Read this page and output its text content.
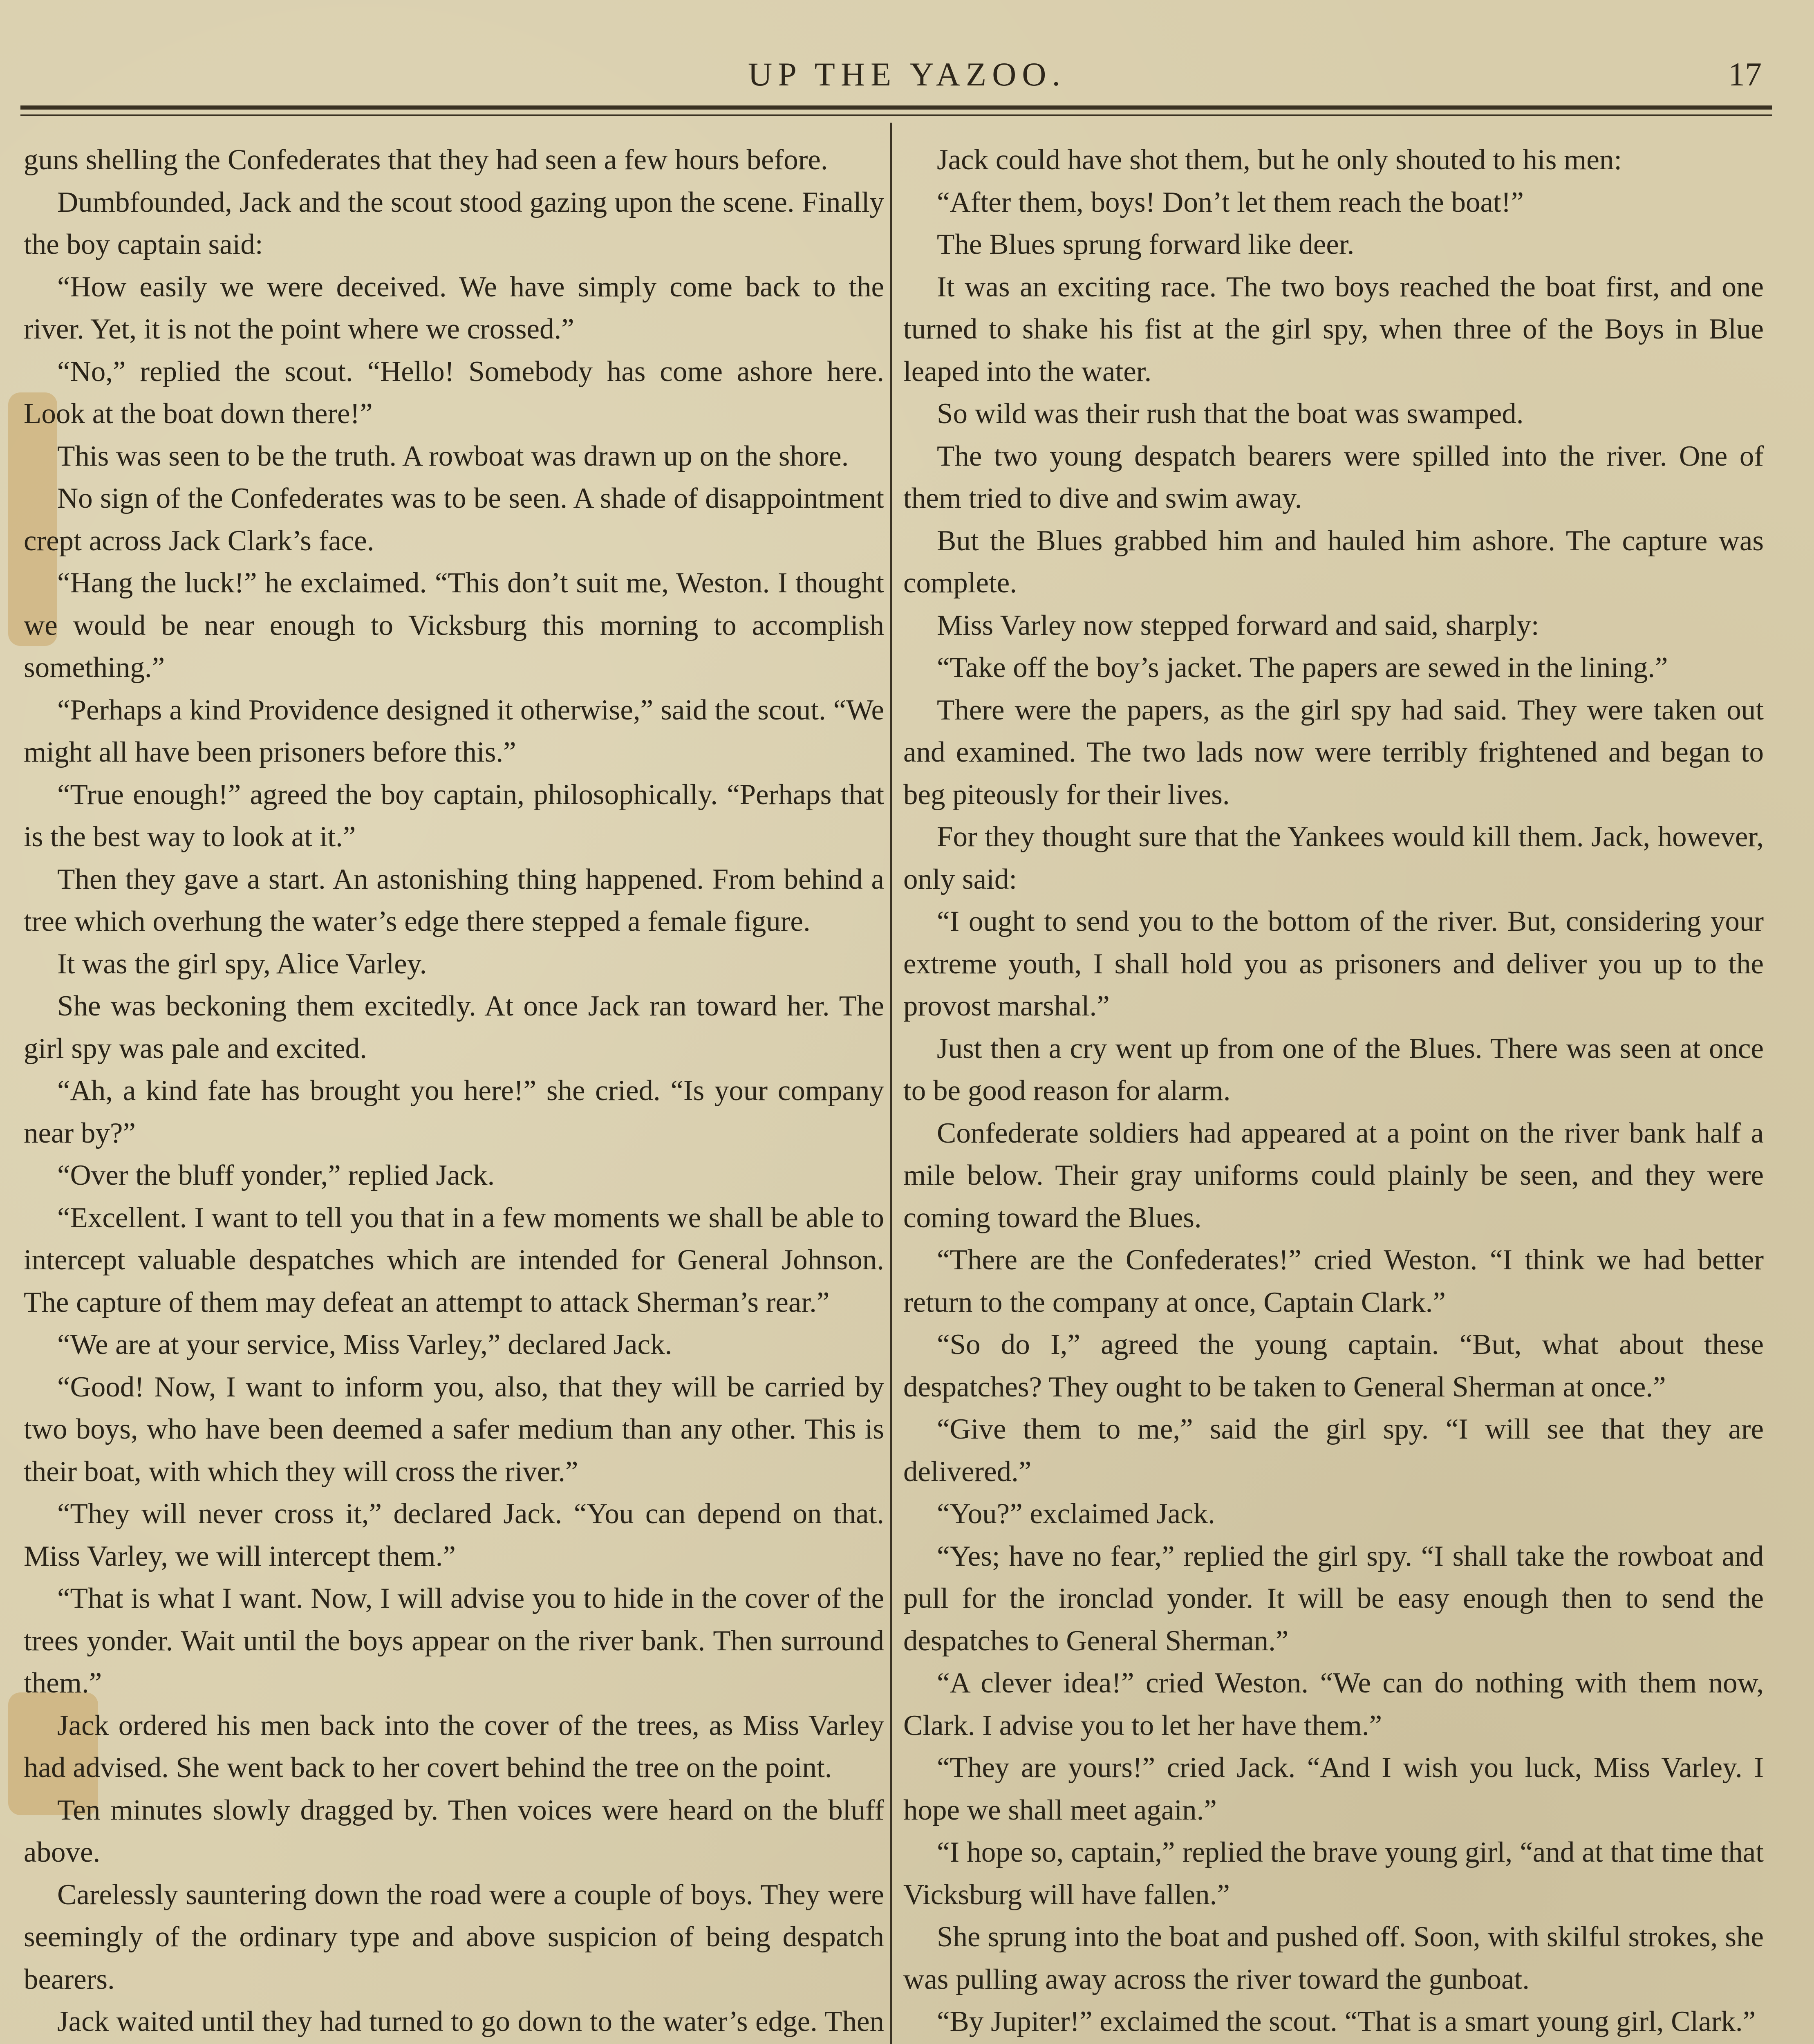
UP THE YAZOO.	17

guns shelling the Confederates that they had seen a few hours before.

Dumbfounded, Jack and the scout stood gazing upon the scene. Finally the boy captain said:

“How easily we were deceived. We have simply come back to the river. Yet, it is not the point where we crossed.”

“No,” replied the scout. “Hello! Somebody has come ashore here. Look at the boat down there!”

This was seen to be the truth. A rowboat was drawn up on the shore.

No sign of the Confederates was to be seen. A shade of disappointment crept across Jack Clark’s face.

“Hang the luck!” he exclaimed. “This don’t suit me, Weston. I thought we would be near enough to Vicksburg this morning to accomplish something.”

“Perhaps a kind Providence designed it otherwise,” said the scout. “We might all have been prisoners before this.”

“True enough!” agreed the boy captain, philosophically. “Perhaps that is the best way to look at it.”

Then they gave a start. An astonishing thing happened. From behind a tree which overhung the water’s edge there stepped a female figure.

It was the girl spy, Alice Varley.

She was beckoning them excitedly. At once Jack ran toward her. The girl spy was pale and excited.

“Ah, a kind fate has brought you here!” she cried. “Is your company near by?”

“Over the bluff yonder,” replied Jack.

“Excellent. I want to tell you that in a few moments we shall be able to intercept valuable despatches which are intended for General Johnson. The capture of them may defeat an attempt to attack Sherman’s rear.”

“We are at your service, Miss Varley,” declared Jack.

“Good! Now, I want to inform you, also, that they will be carried by two boys, who have been deemed a safer medium than any other. This is their boat, with which they will cross the river.”

“They will never cross it,” declared Jack. “You can depend on that. Miss Varley, we will intercept them.”

“That is what I want. Now, I will advise you to hide in the cover of the trees yonder. Wait until the boys appear on the river bank. Then surround them.”

Jack ordered his men back into the cover of the trees, as Miss Varley had advised. She went back to her covert behind the tree on the point.

Ten minutes slowly dragged by. Then voices were heard on the bluff above.

Carelessly sauntering down the road were a couple of boys. They were seemingly of the ordinary type and above suspicion of being despatch bearers.

Jack waited until they had turned to go down to the water’s edge. Then

Jack could have shot them, but he only shouted to his men:

“After them, boys! Don’t let them reach the boat!”

The Blues sprung forward like deer.

It was an exciting race. The two boys reached the boat first, and one turned to shake his fist at the girl spy, when three of the Boys in Blue leaped into the water.

So wild was their rush that the boat was swamped.

The two young despatch bearers were spilled into the river. One of them tried to dive and swim away.

But the Blues grabbed him and hauled him ashore. The capture was complete.

Miss Varley now stepped forward and said, sharply:

“Take off the boy’s jacket. The papers are sewed in the lining.”

There were the papers, as the girl spy had said. They were taken out and examined. The two lads now were terribly frightened and began to beg piteously for their lives.

For they thought sure that the Yankees would kill them. Jack, however, only said:

“I ought to send you to the bottom of the river. But, considering your extreme youth, I shall hold you as prisoners and deliver you up to the provost marshal.”

Just then a cry went up from one of the Blues. There was seen at once to be good reason for alarm.

Confederate soldiers had appeared at a point on the river bank half a mile below. Their gray uniforms could plainly be seen, and they were coming toward the Blues.

“There are the Confederates!” cried Weston. “I think we had better return to the company at once, Captain Clark.”

“So do I,” agreed the young captain. “But, what about these despatches? They ought to be taken to General Sherman at once.”

“Give them to me,” said the girl spy. “I will see that they are delivered.”

“You?” exclaimed Jack.

“Yes; have no fear,” replied the girl spy. “I shall take the rowboat and pull for the ironclad yonder. It will be easy enough then to send the despatches to General Sherman.”

“A clever idea!” cried Weston. “We can do nothing with them now, Clark. I advise you to let her have them.”

“They are yours!” cried Jack. “And I wish you luck, Miss Varley. I hope we shall meet again.”

“I hope so, captain,” replied the brave young girl, “and at that time that Vicksburg will have fallen.”

She sprung into the boat and pushed off. Soon, with skilful strokes, she was pulling away across the river toward the gunboat.

“By Jupiter!” exclaimed the scout. “That is a smart young girl, Clark.”
